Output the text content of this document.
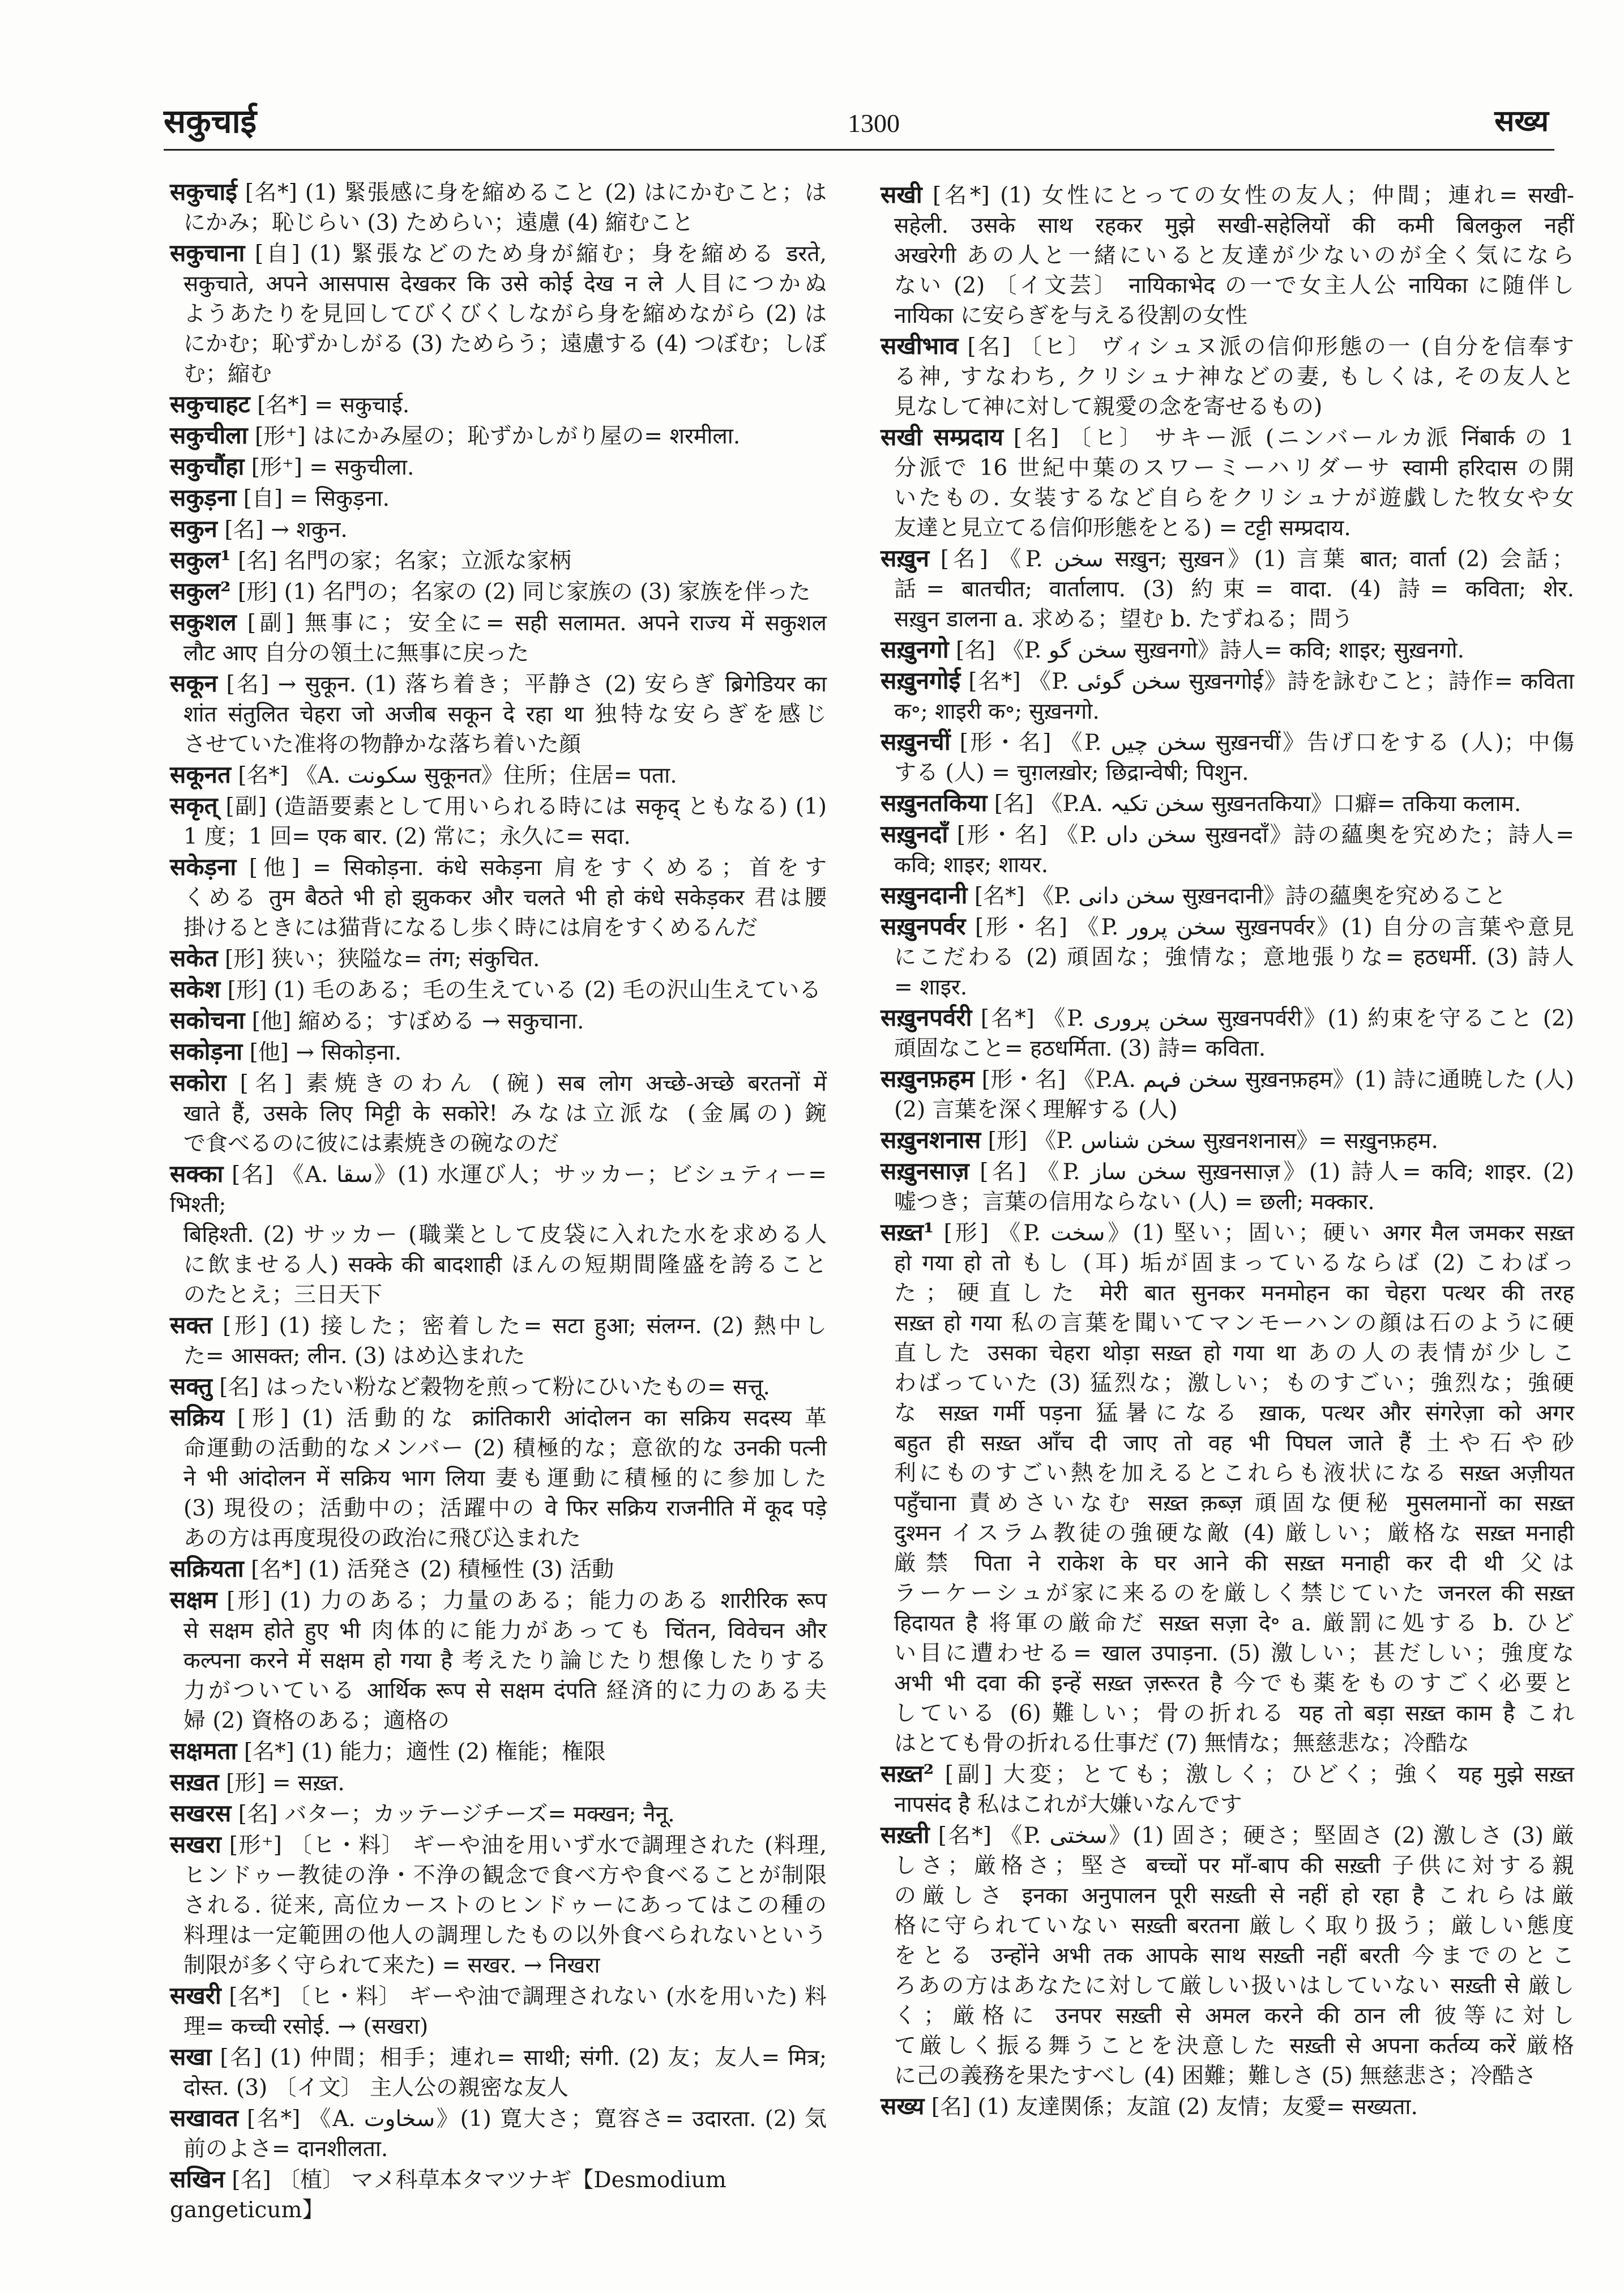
सकुचाई	1300	सख्य
सकुचाई [名*] (1) 緊張感に身を縮めること (2) はにかむこと；は
にかみ；恥じらい (3) ためらい；遠慮 (4) 縮むこと
सकुचाना [自] (1) 緊張などのため身が縮む；身を縮める डरते,
सकुचाते, अपने आसपास देखकर कि उसे कोई देख न ले 人目につかぬ
ようあたりを見回してびくびくしながら身を縮めながら (2) は
にかむ；恥ずかしがる (3) ためらう；遠慮する (4) つぼむ；しぼ
む；縮む
सकुचाहट [名*] = सकुचाई.
सकुचीला [形⁺] はにかみ屋の；恥ずかしがり屋の= शरमीला.
सकुचौंहा [形⁺] = सकुचीला.
सकुड़ना [自] = सिकुड़ना.
सकुन [名] → शकुन.
सकुल¹ [名] 名門の家；名家；立派な家柄
सकुल² [形] (1) 名門の；名家の (2) 同じ家族の (3) 家族を伴った
सकुशल [副] 無事に；安全に= सही सलामत. अपने राज्य में सकुशल
लौट आए 自分の領土に無事に戻った
सकून [名] → सुकून. (1) 落ち着き；平静さ (2) 安らぎ ब्रिगेडियर का
शांत संतुलित चेहरा जो अजीब सकून दे रहा था 独特な安らぎを感じ
させていた准将の物静かな落ち着いた顔
सकूनत [名*] 《A. سکونت सुकूनत》住所；住居= पता.
सकृत् [副] (造語要素として用いられる時には सकृद् ともなる) (1)
1 度；1 回= एक बार. (2) 常に；永久に= सदा.
सकेड़ना [他] = सिकोड़ना. कंधे सकेड़ना 肩をすくめる；首をす
くめる तुम बैठते भी हो झुककर और चलते भी हो कंधे सकेड़कर 君は腰
掛けるときには猫背になるし歩く時には肩をすくめるんだ
सकेत [形] 狭い；狭隘な= तंग; संकुचित.
सकेश [形] (1) 毛のある；毛の生えている (2) 毛の沢山生えている
सकोचना [他] 縮める；すぼめる → सकुचाना.
सकोड़ना [他] → सिकोड़ना.
सकोरा [名] 素焼きのわん (碗) सब लोग अच्छे-अच्छे बरतनों में
खाते हैं, उसके लिए मिट्टी के सकोरे! みなは立派な (金属の) 鋺
で食べるのに彼には素焼きの碗なのだ
सक्का [名] 《A. سقا》(1) 水運び人；サッカー；ビシュティー= भिश्ती;
बिहिश्ती. (2) サッカー (職業として皮袋に入れた水を求める人
に飲ませる人) सक्के की बादशाही ほんの短期間隆盛を誇ること
のたとえ；三日天下
सक्त [形] (1) 接した；密着した= सटा हुआ; संलग्न. (2) 熱中し
た= आसक्त; लीन. (3) はめ込まれた
सक्तु [名] はったい粉など穀物を煎って粉にひいたもの= सत्तू.
सक्रिय [形] (1) 活動的な क्रांतिकारी आंदोलन का सक्रिय सदस्य 革
命運動の活動的なメンバー (2) 積極的な；意欲的な उनकी पत्नी
ने भी आंदोलन में सक्रिय भाग लिया 妻も運動に積極的に参加した
(3) 現役の；活動中の；活躍中の वे फिर सक्रिय राजनीति में कूद पड़े
あの方は再度現役の政治に飛び込まれた
सक्रियता [名*] (1) 活発さ (2) 積極性 (3) 活動
सक्षम [形] (1) 力のある；力量のある；能力のある शारीरिक रूप
से सक्षम होते हुए भी 肉体的に能力があっても चिंतन, विवेचन और
कल्पना करने में सक्षम हो गया है 考えたり論じたり想像したりする
力がついている आर्थिक रूप से सक्षम दंपति 経済的に力のある夫
婦 (2) 資格のある；適格の
सक्षमता [名*] (1) 能力；適性 (2) 権能；権限
सख़त [形] = सख़्त.
सखरस [名] バター；カッテージチーズ= मक्खन; नैनू.
सखरा [形⁺] 〔ヒ・料〕 ギーや油を用いず水で調理された (料理,
ヒンドゥー教徒の浄・不浄の観念で食べ方や食べることが制限
される. 従来, 高位カーストのヒンドゥーにあってはこの種の
料理は一定範囲の他人の調理したもの以外食べられないという
制限が多く守られて来た) = सखर. → निखरा
सखरी [名*] 〔ヒ・料〕 ギーや油で調理されない (水を用いた) 料
理= कच्ची रसोई. → (सखरा)
सखा [名] (1) 仲間；相手；連れ= साथी; संगी. (2) 友；友人= मित्र;
दोस्त. (3) 〔イ文〕 主人公の親密な友人
सखावत [名*] 《A. سخاوت》(1) 寛大さ；寛容さ= उदारता. (2) 気
前のよさ= दानशीलता.
सखिन [名] 〔植〕 マメ科草本タマツナギ【Desmodium gangeticum】
सखी [名*] (1) 女性にとっての女性の友人；仲間；連れ= सखी-
सहेली. उसके साथ रहकर मुझे सखी-सहेलियों की कमी बिलकुल नहीं
अखरेगी あの人と一緒にいると友達が少ないのが全く気になら
ない (2) 〔イ文芸〕 नायिकाभेद の一で女主人公 नायिका に随伴し
नायिका に安らぎを与える役割の女性
सखीभाव [名] 〔ヒ〕 ヴィシュヌ派の信仰形態の一 (自分を信奉す
る神, すなわち, クリシュナ神などの妻, もしくは, その友人と
見なして神に対して親愛の念を寄せるもの)
सखी सम्प्रदाय [名] 〔ヒ〕 サキー派 (ニンバールカ派 निंबार्क の 1
分派で 16 世紀中葉のスワーミーハリダーサ स्वामी हरिदास の開
いたもの. 女装するなど自らをクリシュナが遊戯した牧女や女
友達と見立てる信仰形態をとる) = टट्टी सम्प्रदाय.
सख़ुन [名] 《P. سخن सख़ुन; सुख़न》(1) 言葉 बात; वार्ता (2) 会話；
話= बातचीत; वार्तालाप. (3) 約束= वादा. (4) 詩= कविता; शेर.
सख़ुन डालना a. 求める；望む b. たずねる；問う
सख़ुनगो [名] 《P. سخن گو सुख़नगो》詩人= कवि; शाइर; सुख़नगो.
सख़ुनगोई [名*] 《P. سخن گوئی सुख़नगोई》詩を詠むこと；詩作= कविता
क॰; शाइरी क॰; सुख़नगो.
सख़ुनचीं [形・名] 《P. سخن چیں सुख़नचीं》告げ口をする (人)；中傷
する (人) = चुग़लख़ोर; छिद्रान्वेषी; पिशुन.
सख़ुनतकिया [名] 《P.A. سخن تکیہ सुख़नतकिया》口癖= तकिया कलाम.
सख़ुनदाँ [形・名] 《P. سخن داں सुख़नदाँ》詩の蘊奥を究めた；詩人=
कवि; शाइर; शायर.
सख़ुनदानी [名*] 《P. سخن دانی सुख़नदानी》詩の蘊奥を究めること
सख़ुनपर्वर [形・名] 《P. سخن پرور सुख़नपर्वर》(1) 自分の言葉や意見
にこだわる (2) 頑固な；強情な；意地張りな= हठधर्मी. (3) 詩人
= शाइर.
सख़ुनपर्वरी [名*] 《P. سخن پروری सुख़नपर्वरी》(1) 約束を守ること (2)
頑固なこと= हठधर्मिता. (3) 詩= कविता.
सख़ुनफ़हम [形・名] 《P.A. سخن فہم सुख़नफ़हम》(1) 詩に通暁した (人)
(2) 言葉を深く理解する (人)
सख़ुनशनास [形] 《P. سخن شناس सुख़नशनास》= सख़ुनफ़हम.
सख़ुनसाज़ [名] 《P. سخن ساز सुख़नसाज़》(1) 詩人= कवि; शाइर. (2)
嘘つき；言葉の信用ならない (人) = छली; मक्कार.
सख़्त¹ [形] 《P. سخت》(1) 堅い；固い；硬い अगर मैल जमकर सख़्त
हो गया हो तो もし (耳) 垢が固まっているならば (2) こわばっ
た；硬直した मेरी बात सुनकर मनमोहन का चेहरा पत्थर की तरह
सख़्त हो गया 私の言葉を聞いてマンモーハンの顔は石のように硬
直した उसका चेहरा थोड़ा सख़्त हो गया था あの人の表情が少しこ
わばっていた (3) 猛烈な；激しい；ものすごい；強烈な；強硬
な सख़्त गर्मी पड़ना 猛暑になる ख़ाक, पत्थर और संगरेज़ा को अगर
बहुत ही सख़्त आँच दी जाए तो वह भी पिघल जाते हैं 土や石や砂
利にものすごい熱を加えるとこれらも液状になる सख़्त अज़ीयत
पहुँचाना 責めさいなむ सख़्त क़ब्ज़ 頑固な便秘 मुसलमानों का सख़्त
दुश्मन イスラム教徒の強硬な敵 (4) 厳しい；厳格な सख़्त मनाही
厳禁 पिता ने राकेश के घर आने की सख़्त मनाही कर दी थी 父は
ラーケーシュが家に来るのを厳しく禁じていた जनरल की सख़्त
हिदायत है 将軍の厳命だ सख़्त सज़ा दे॰ a. 厳罰に処する b. ひど
い目に遭わせる= खाल उपाड़ना. (5) 激しい；甚だしい；強度な
अभी भी दवा की इन्हें सख़्त ज़रूरत है 今でも薬をものすごく必要と
している (6) 難しい；骨の折れる यह तो बड़ा सख़्त काम है これ
はとても骨の折れる仕事だ (7) 無情な；無慈悲な；冷酷な
सख़्त² [副] 大変；とても；激しく；ひどく；強く यह मुझे सख़्त
नापसंद है 私はこれが大嫌いなんです
सख़्ती [名*] 《P. سختی》(1) 固さ；硬さ；堅固さ (2) 激しさ (3) 厳
しさ；厳格さ；堅さ बच्चों पर माँ-बाप की सख़्ती 子供に対する親
の厳しさ इनका अनुपालन पूरी सख़्ती से नहीं हो रहा है これらは厳
格に守られていない सख़्ती बरतना 厳しく取り扱う；厳しい態度
をとる उन्होंने अभी तक आपके साथ सख़्ती नहीं बरती 今までのとこ
ろあの方はあなたに対して厳しい扱いはしていない सख़्ती से 厳し
く；厳格に उनपर सख़्ती से अमल करने की ठान ली 彼等に対し
て厳しく振る舞うことを決意した सख़्ती से अपना कर्तव्य करें 厳格
に己の義務を果たすべし (4) 困難；難しさ (5) 無慈悲さ；冷酷さ
सख्य [名] (1) 友達関係；友誼 (2) 友情；友愛= सख्यता.
